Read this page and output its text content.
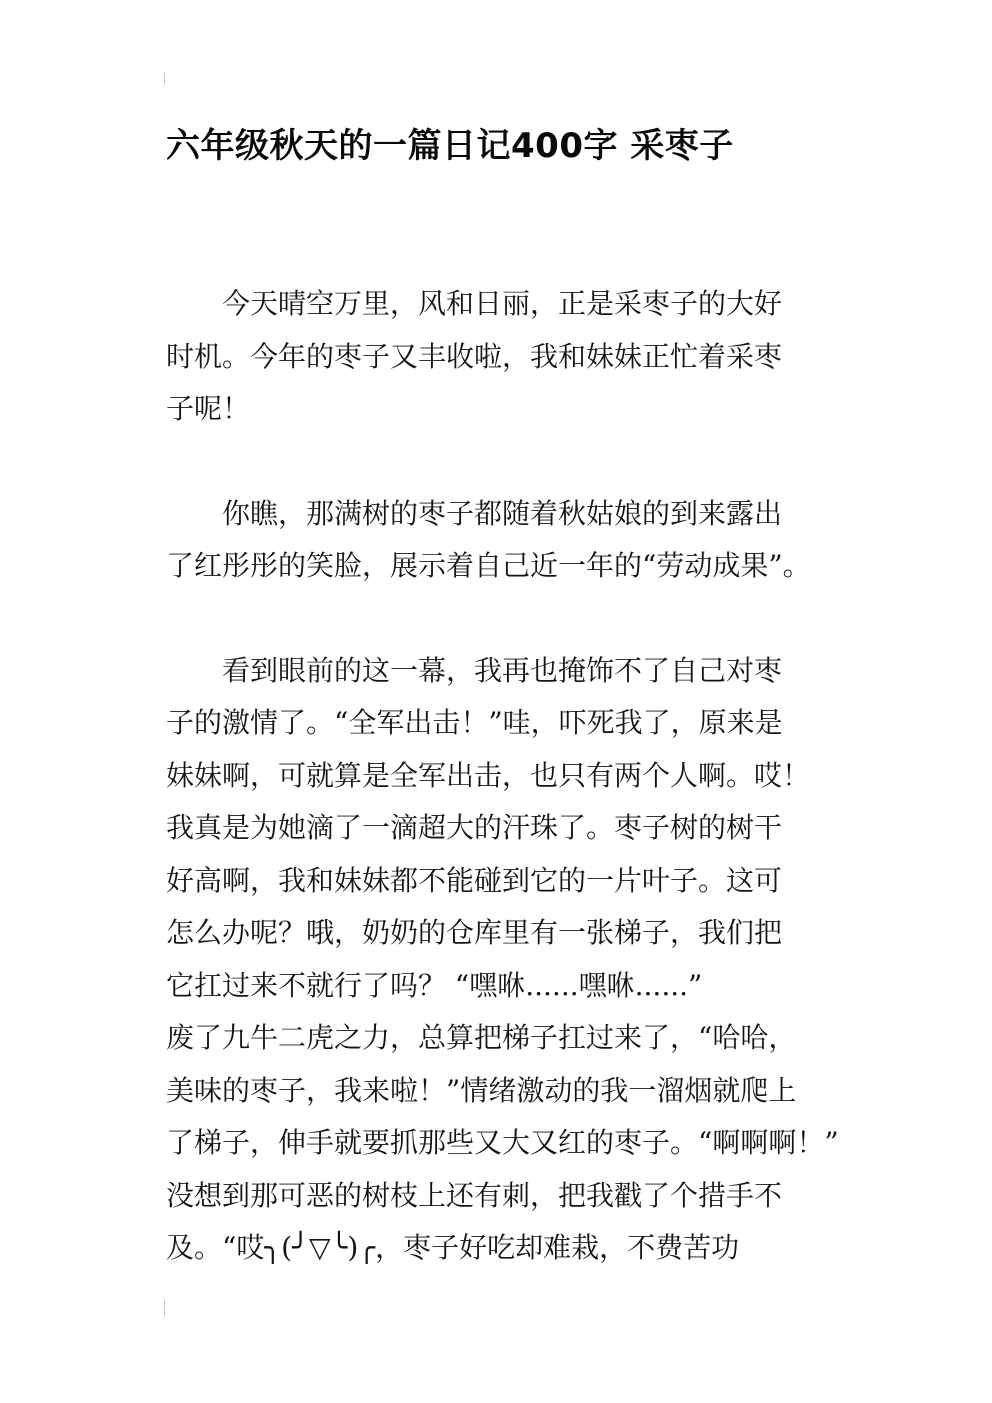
六年级秋天的一篇日记400字 采枣子

　　今天晴空万里，风和日丽，正是采枣子的大好
时机。今年的枣子又丰收啦，我和妹妹正忙着采枣
子呢！

　　你瞧，那满树的枣子都随着秋姑娘的到来露出
了红彤彤的笑脸，展示着自己近一年的“劳动成果”。

　　看到眼前的这一幕，我再也掩饰不了自己对枣
子的激情了。“全军出击！”哇，吓死我了，原来是
妹妹啊，可就算是全军出击，也只有两个人啊。哎！
我真是为她滴了一滴超大的汗珠了。枣子树的树干
好高啊，我和妹妹都不能碰到它的一片叶子。这可
怎么办呢？哦，奶奶的仓库里有一张梯子，我们把
它扛过来不就行了吗？ “嘿咻......嘿咻......”
废了九牛二虎之力，总算把梯子扛过来了，“哈哈，
美味的枣子，我来啦！”情绪激动的我一溜烟就爬上
了梯子，伸手就要抓那些又大又红的枣子。“啊啊啊！”
没想到那可恶的树枝上还有刺，把我戳了个措手不
及。“哎╮(╯▽╰)╭，枣子好吃却难栽，不费苦功
